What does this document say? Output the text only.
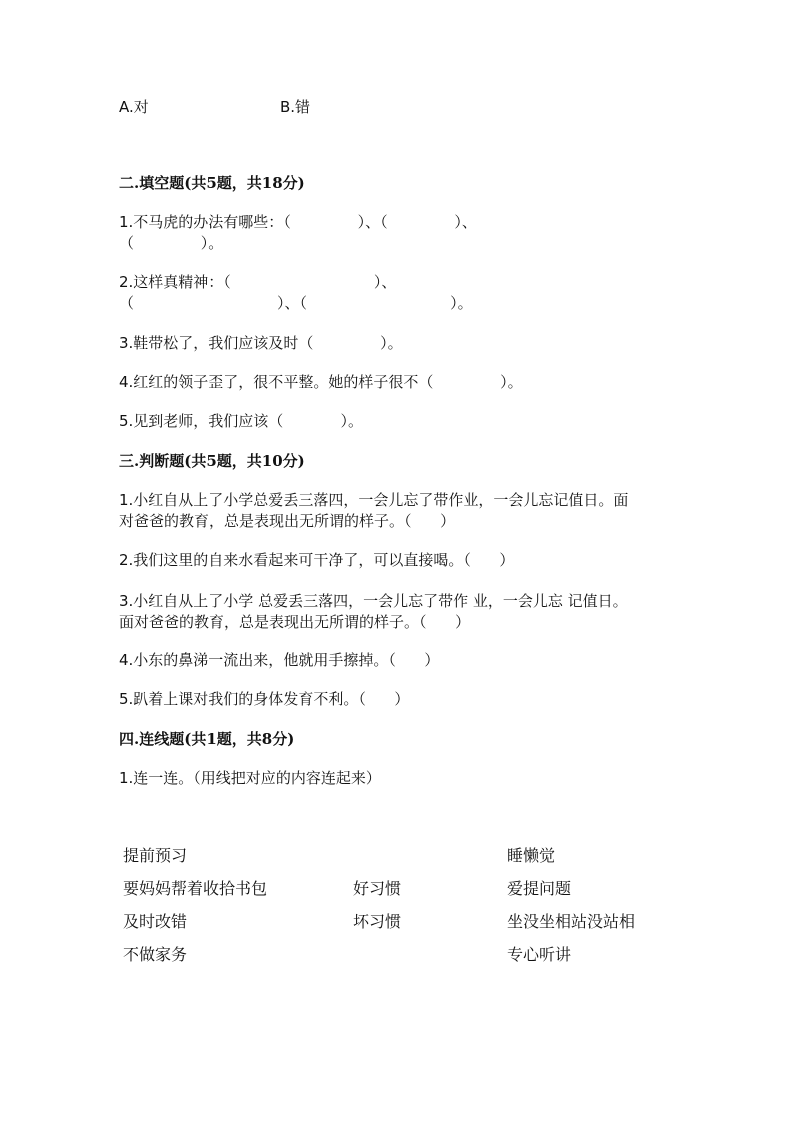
A.对	B.错
二.填空题(共5题，共18分)
1.不马虎的办法有哪些：（              ）、（              ）、
（              ）。
2.这样真精神：（                              ）、
（                              ）、（                              ）。
3.鞋带松了，我们应该及时（              ）。
4.红红的领子歪了，很不平整。她的样子很不（              ）。
5.见到老师，我们应该（            ）。
三.判断题(共5题，共10分)
1.小红自从上了小学总爱丢三落四，一会儿忘了带作业，一会儿忘记值日。面
对爸爸的教育，总是表现出无所谓的样子。（      ）
2.我们这里的自来水看起来可干净了，可以直接喝。（      ）
3.小红自从上了小学 总爱丢三落四，一会儿忘了带作 业，一会儿忘 记值日。
面对爸爸的教育，总是表现出无所谓的样子。（      ）
4.小东的鼻涕一流出来，他就用手擦掉。（      ）
5.趴着上课对我们的身体发育不利。（      ）
四.连线题(共1题，共8分)
1.连一连。（用线把对应的内容连起来）
提前预习
要妈妈帮着收拾书包
及时改错
不做家务
好习惯
坏习惯
睡懒觉
爱提问题
坐没坐相站没站相
专心听讲
